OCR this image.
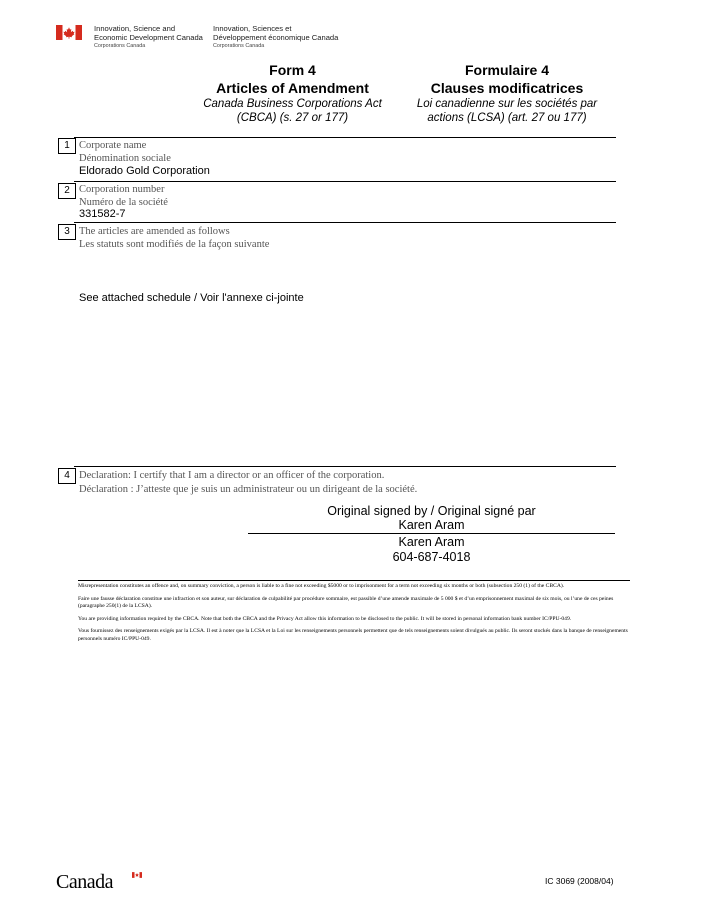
Innovation, Science and
Economic Development Canada
Corporations Canada
Innovation, Sciences et
Développement économique Canada
Corporations Canada
Form 4
Articles of Amendment
Canada Business Corporations Act
(CBCA) (s. 27 or 177)
Formulaire 4
Clauses modificatrices
Loi canadienne sur les sociétés par
actions (LCSA) (art. 27 ou 177)
1 Corporate name
Dénomination sociale
Eldorado Gold Corporation
2 Corporation number
Numéro de la société
331582-7
3 The articles are amended as follows
Les statuts sont modifiés de la façon suivante
See attached schedule / Voir l'annexe ci-jointe
4 Declaration: I certify that I am a director or an officer of the corporation.
Déclaration : J’atteste que je suis un administrateur ou un dirigeant de la société.
Original signed by / Original signé par
Karen Aram
Karen Aram
604-687-4018

Misrepresentation constitutes an offence and, on summary conviction, a person is liable to a fine not exceeding $5000 or to imprisonment for a term not exceeding six months or both (subsection 250 (1) of the CBCA).

Faire une fausse déclaration constitue une infraction et son auteur, sur déclaration de culpabilité par procédure sommaire, est passible d’une amende maximale de 5 000 $ et d’un emprisonnement maximal de six mois, ou l’une de ces peines (paragraphe 250(1) de la LCSA).

You are providing information required by the CBCA. Note that both the CBCA and the Privacy Act allow this information to be disclosed to the public. It will be stored in personal information bank number IC/PPU-049.

Vous fournissez des renseignements exigés par la LCSA. Il est à noter que la LCSA et la Loi sur les renseignements personnels permettent que de tels renseignements soient divulgués au public. Ils seront stockés dans la banque de renseignements personnels numéro IC/PPU-049.

Canada	IC 3069 (2008/04)
